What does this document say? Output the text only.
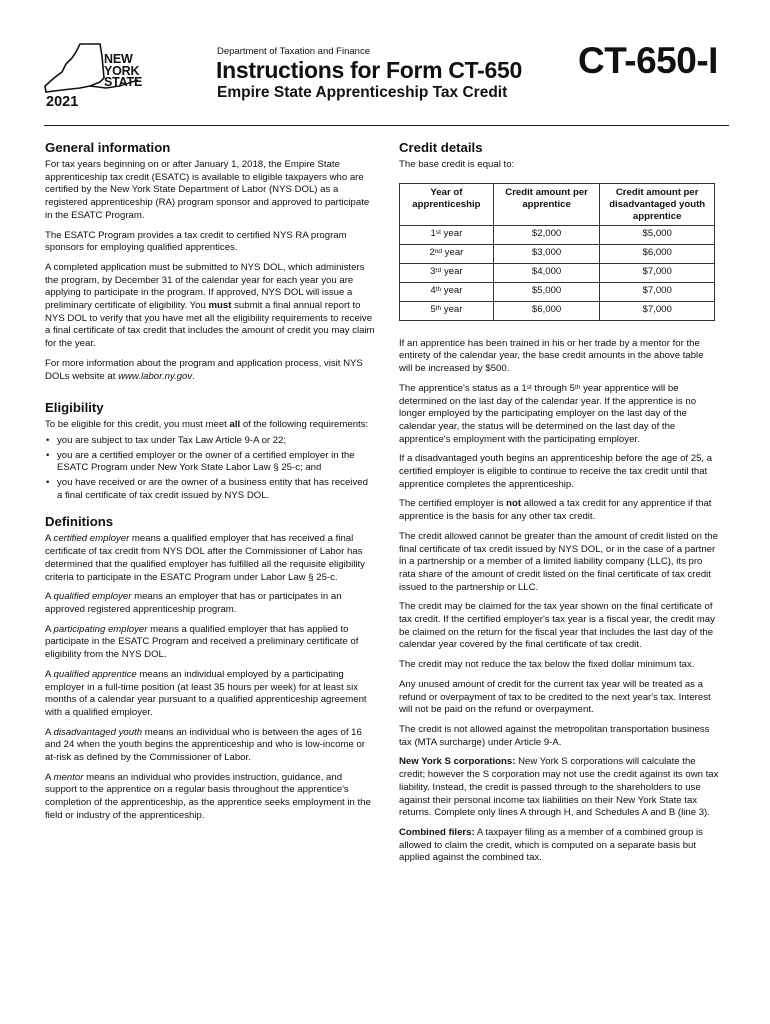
NEW
YORK
STATE
2021
Department of Taxation and Finance
Instructions for Form CT-650
Empire State Apprenticeship Tax Credit
CT-650-I
General information

For tax years beginning on or after January 1, 2018, the Empire State apprenticeship tax credit (ESATC) is available to eligible taxpayers who are certified by the New York State Department of Labor (NYS DOL) as a registered apprenticeship (RA) program sponsor and approved to participate in the ESATC Program.

The ESATC Program provides a tax credit to certified NYS RA program sponsors for employing qualified apprentices.

A completed application must be submitted to NYS DOL, which administers the program, by December 31 of the calendar year for each year you are applying to participate in the program. If approved, NYS DOL will issue a preliminary certificate of eligibility. You must submit a final annual report to NYS DOL to verify that you have met all the eligibility requirements to receive a final certificate of tax credit that includes the amount of credit you may claim for the year.

For more information about the program and application process, visit NYS DOLs website at www.labor.ny.gov.

Eligibility

To be eligible for this credit, you must meet all of the following requirements:

• you are subject to tax under Tax Law Article 9-A or 22;
• you are a certified employer or the owner of a certified employer in the ESATC Program under New York State Labor Law § 25-c; and
• you have received or are the owner of a business entity that has received a final certificate of tax credit issued by NYS DOL.
Definitions

A certified employer means a qualified employer that has received a final certificate of tax credit from NYS DOL after the Commissioner of Labor has determined that the qualified employer has fulfilled all the requisite eligibility criteria to participate in the ESATC Program under Labor Law § 25-c.

A qualified employer means an employer that has or participates in an approved registered apprenticeship program.

A participating employer means a qualified employer that has applied to participate in the ESATC Program and received a preliminary certificate of eligibility from the NYS DOL.

A qualified apprentice means an individual employed by a participating employer in a full-time position (at least 35 hours per week) for at least six months of a calendar year pursuant to a qualified apprenticeship agreement with a qualified employer.

A disadvantaged youth means an individual who is between the ages of 16 and 24 when the youth begins the apprenticeship and who is low-income or at-risk as defined by the Commissioner of Labor.

A mentor means an individual who provides instruction, guidance, and support to the apprentice on a regular basis throughout the apprentice's completion of the apprenticeship, as the apprentice seeks employment in the field or industry of the apprenticeship.

Credit details

The base credit is equal to:

Year of apprenticeship	Credit amount per apprentice	Credit amount per disadvantaged youth apprentice
1st year	$2,000	$5,000
2nd year	$3,000	$6,000
3rd year	$4,000	$7,000
4th year	$5,000	$7,000
5th year	$6,000	$7,000

If an apprentice has been trained in his or her trade by a mentor for the entirety of the calendar year, the base credit amounts in the above table will be increased by $500.

The apprentice's status as a 1st through 5th year apprentice will be determined on the last day of the calendar year. If the apprentice is no longer employed by the participating employer on the last day of the calendar year, the status will be determined on the last day of the apprentice's employment with the participating employer.

If a disadvantaged youth begins an apprenticeship before the age of 25, a certified employer is eligible to continue to receive the tax credit until that apprentice completes the apprenticeship.

The certified employer is not allowed a tax credit for any apprentice if that apprentice is the basis for any other tax credit.

The credit allowed cannot be greater than the amount of credit listed on the final certificate of tax credit issued by NYS DOL, or in the case of a partner in a partnership or a member of a limited liability company (LLC), its pro rata share of the amount of credit listed on the final certificate of tax credit issued to the partnership or LLC.

The credit may be claimed for the tax year shown on the final certificate of tax credit. If the certified employer's tax year is a fiscal year, the credit may be claimed on the return for the fiscal year that includes the last day of the calendar year covered by the final certificate of tax credit.

The credit may not reduce the tax below the fixed dollar minimum tax.

Any unused amount of credit for the current tax year will be treated as a refund or overpayment of tax to be credited to the next year's tax. Interest will not be paid on the refund or overpayment.

The credit is not allowed against the metropolitan transportation business tax (MTA surcharge) under Article 9-A.

New York S corporations: New York S corporations will calculate the credit; however the S corporation may not use the credit against its own tax liability. Instead, the credit is passed through to the shareholders to use against their personal income tax liabilities on their New York State tax returns. Complete only lines A through H, and Schedules A and B (line 3).

Combined filers: A taxpayer filing as a member of a combined group is allowed to claim the credit, which is computed on a separate basis but applied against the combined tax.
